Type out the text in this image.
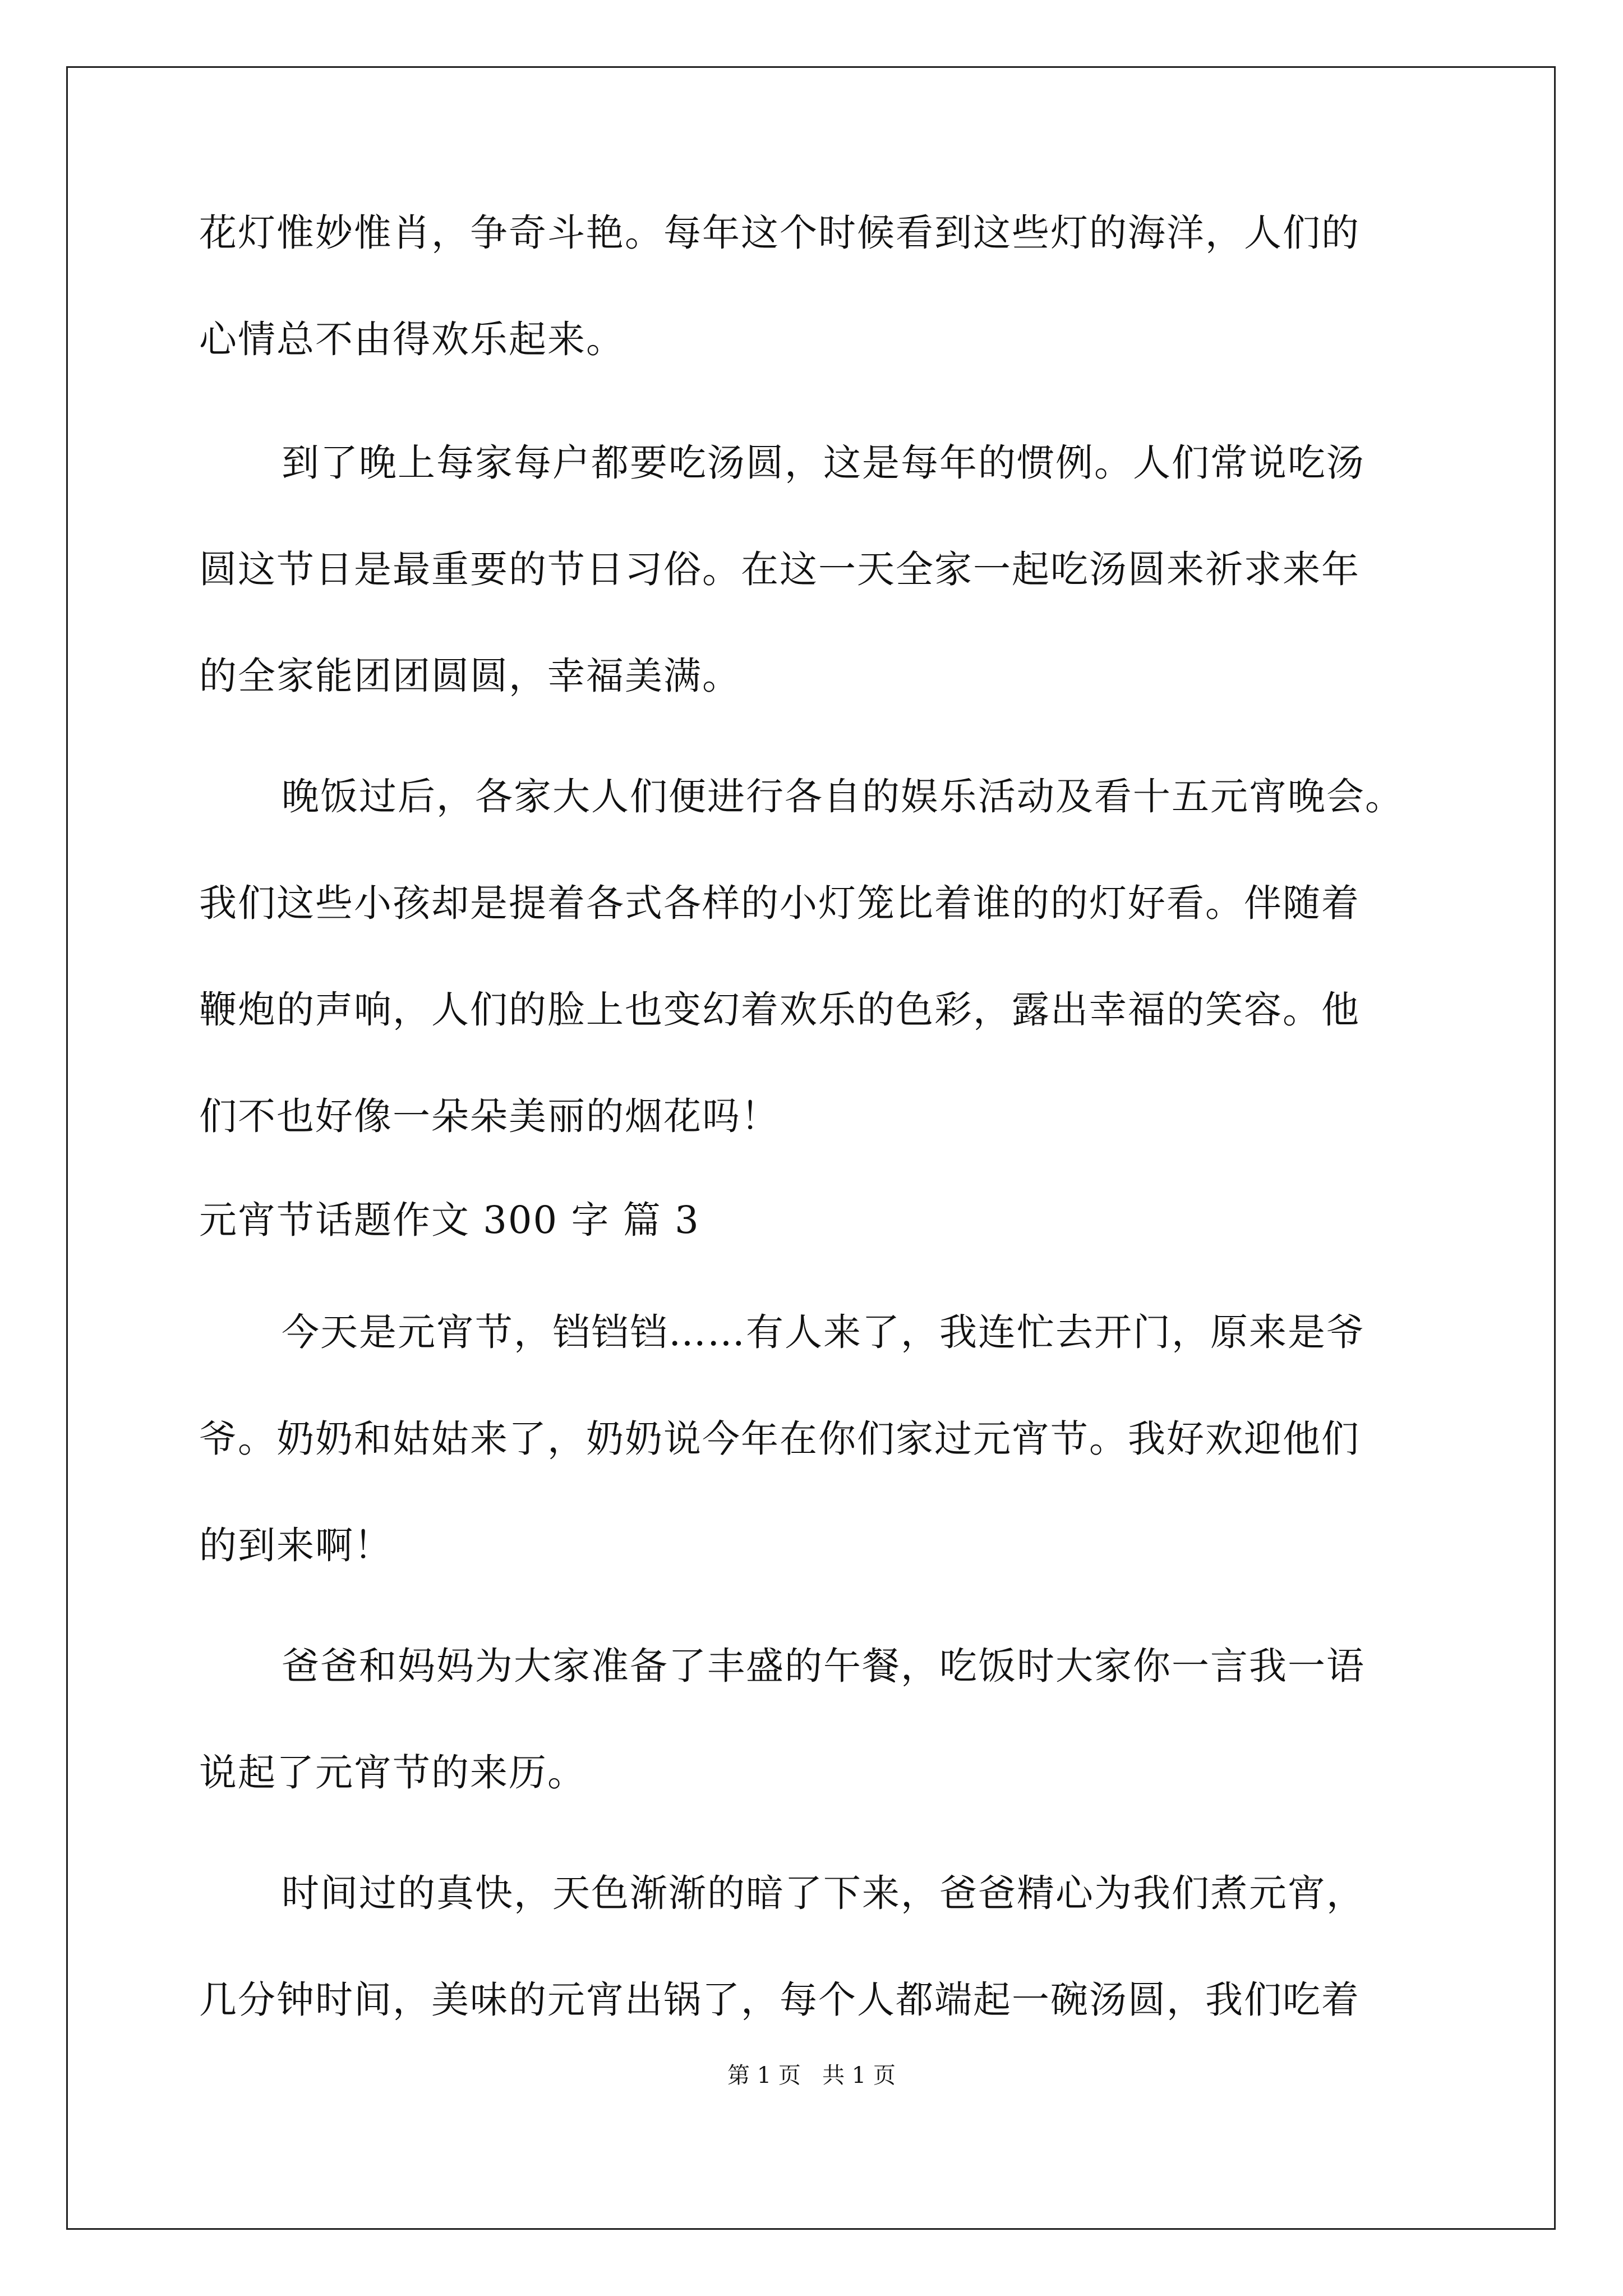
花灯惟妙惟肖，争奇斗艳。每年这个时候看到这些灯的海洋，人们的
心情总不由得欢乐起来。
到了晚上每家每户都要吃汤圆，这是每年的惯例。人们常说吃汤
圆这节日是最重要的节日习俗。在这一天全家一起吃汤圆来祈求来年
的全家能团团圆圆，幸福美满。
晚饭过后，各家大人们便进行各自的娱乐活动及看十五元宵晚会。
我们这些小孩却是提着各式各样的小灯笼比着谁的的灯好看。伴随着
鞭炮的声响，人们的脸上也变幻着欢乐的色彩，露出幸福的笑容。他
们不也好像一朵朵美丽的烟花吗！
元宵节话题作文 300 字 篇 3
今天是元宵节，铛铛铛……有人来了，我连忙去开门，原来是爷
爷。奶奶和姑姑来了，奶奶说今年在你们家过元宵节。我好欢迎他们
的到来啊！
爸爸和妈妈为大家准备了丰盛的午餐，吃饭时大家你一言我一语
说起了元宵节的来历。
时间过的真快，天色渐渐的暗了下来，爸爸精心为我们煮元宵，
几分钟时间，美味的元宵出锅了，每个人都端起一碗汤圆，我们吃着
第 1 页   共 1 页
